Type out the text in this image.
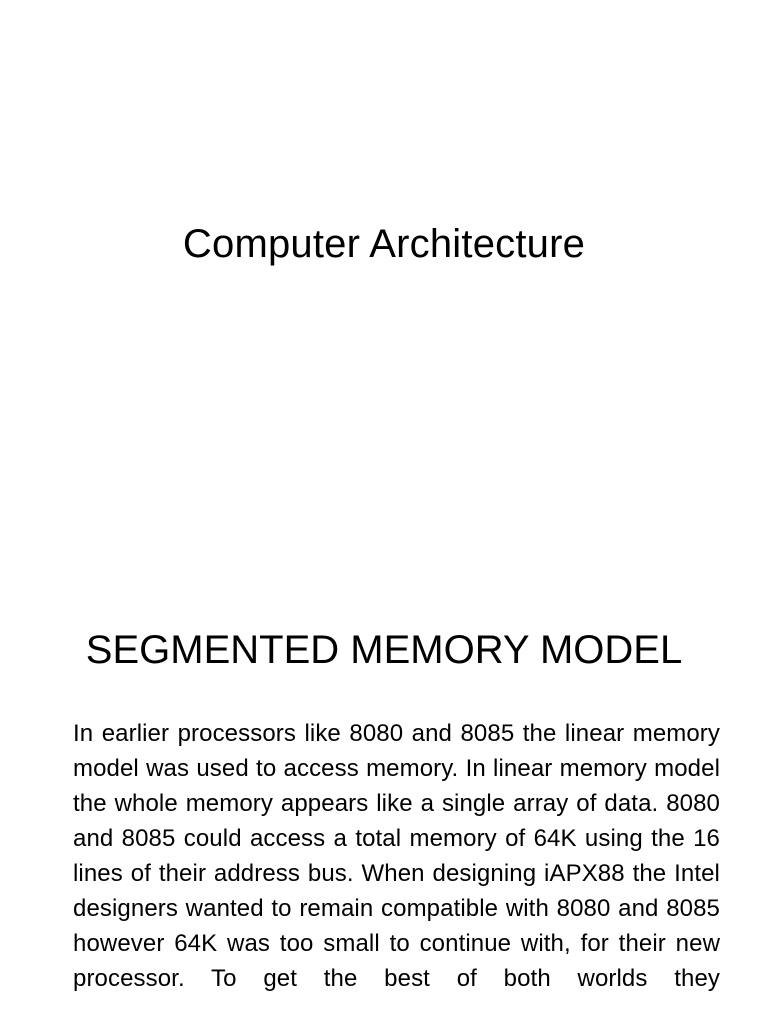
Computer Architecture
SEGMENTED MEMORY MODEL

In earlier processors like 8080 and 8085 the linear memory model was used to access memory. In linear memory model the whole memory appears like a single array of data. 8080 and 8085 could access a total memory of 64K using the 16 lines of their address bus. When designing iAPX88 the Intel designers wanted to remain compatible with 8080 and 8085 however 64K was too small to continue with, for their new processor. To get the best of both worlds they
